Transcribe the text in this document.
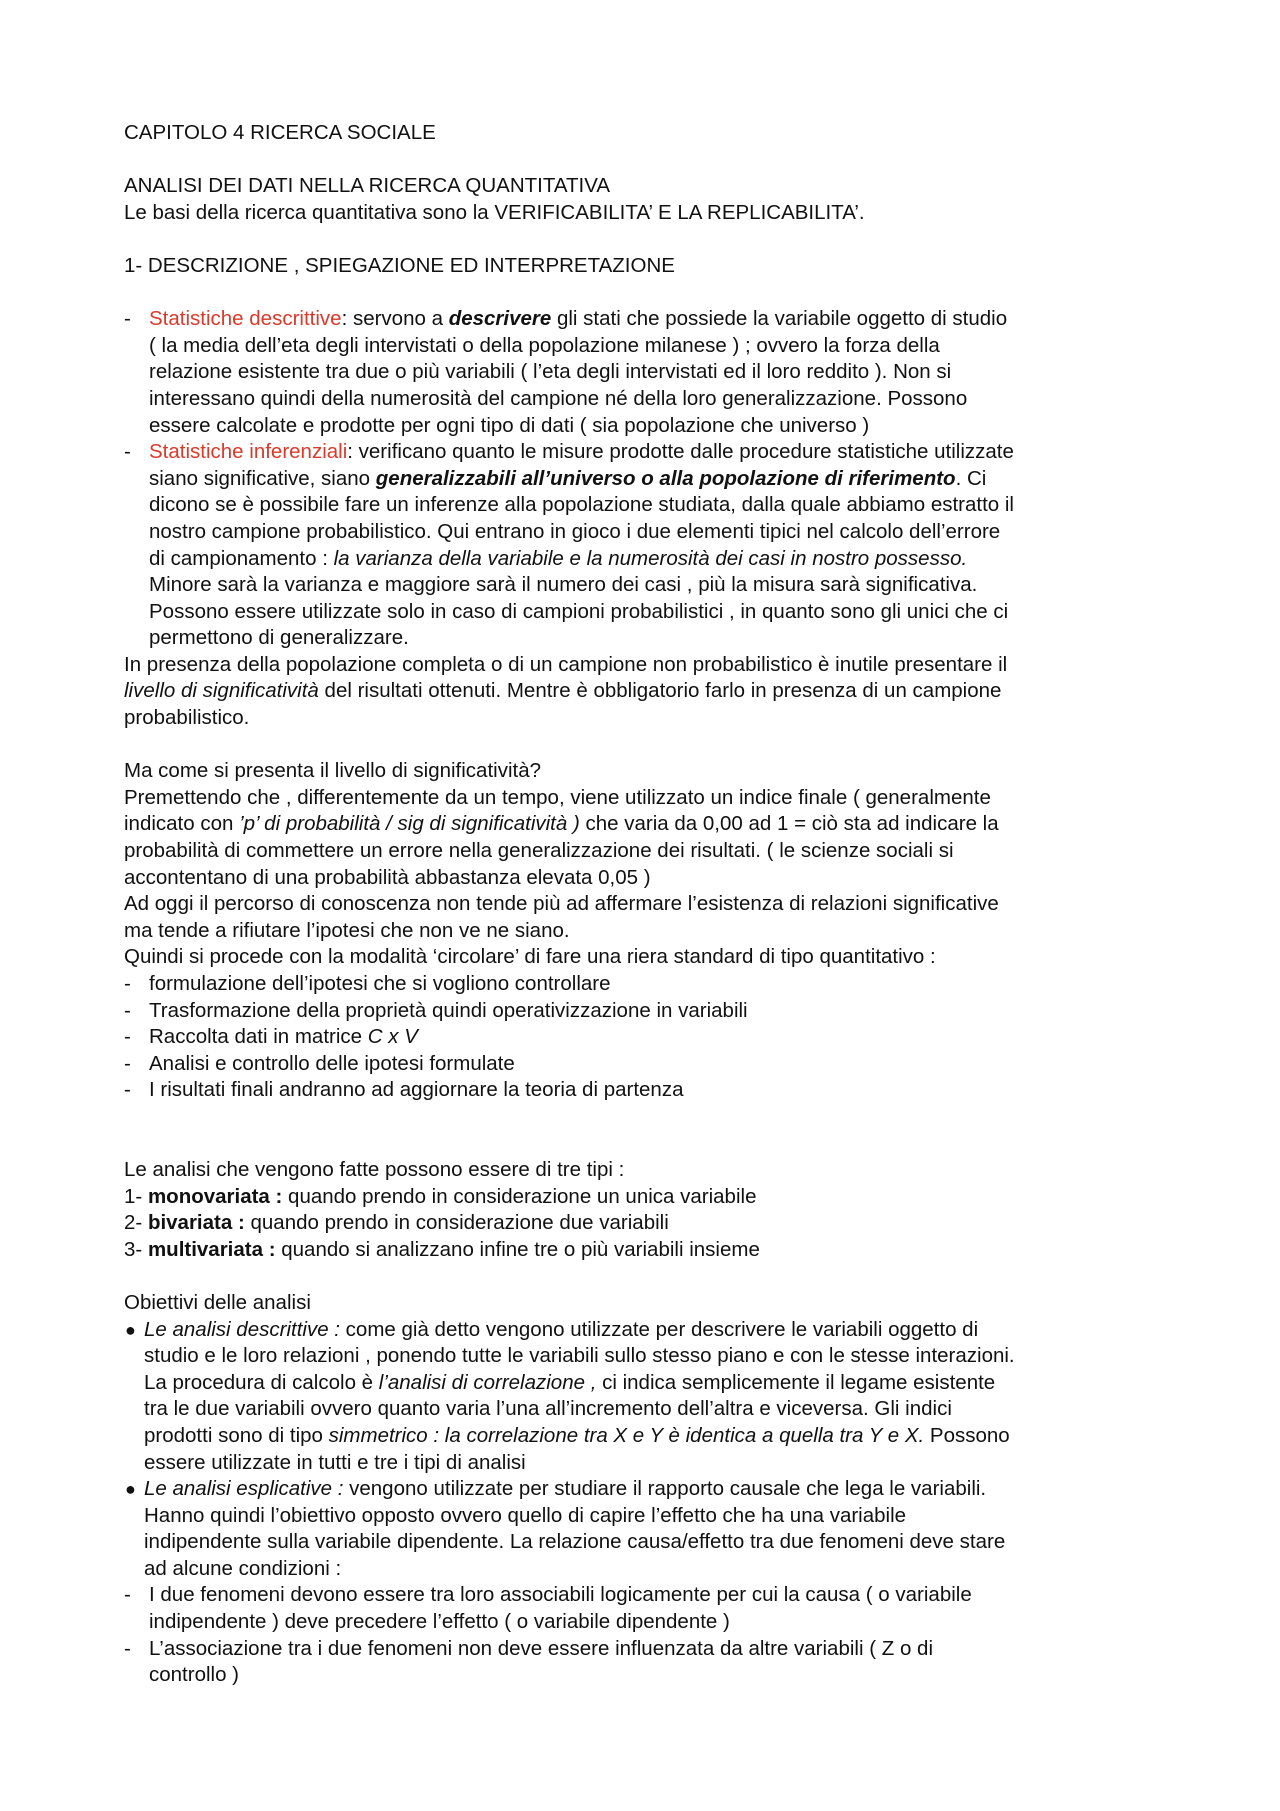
CAPITOLO 4 RICERCA SOCIALE
ANALISI DEI DATI NELLA RICERCA QUANTITATIVA
Le basi della ricerca quantitativa sono la VERIFICABILITA’ E LA REPLICABILITA’.
1- DESCRIZIONE , SPIEGAZIONE ED INTERPRETAZIONE
- Statistiche descrittive: servono a descrivere gli stati che possiede la variabile oggetto di studio
( la media dell’eta degli intervistati o della popolazione milanese ) ; ovvero la forza della
relazione esistente tra due o più variabili ( l’eta degli intervistati ed il loro reddito ). Non si
interessano quindi della numerosità del campione né della loro generalizzazione. Possono
essere calcolate e prodotte per ogni tipo di dati ( sia popolazione che universo )
- Statistiche inferenziali: verificano quanto le misure prodotte dalle procedure statistiche utilizzate
siano significative, siano generalizzabili all’universo o alla popolazione di riferimento. Ci
dicono se è possibile fare un inferenze alla popolazione studiata, dalla quale abbiamo estratto il
nostro campione probabilistico. Qui entrano in gioco i due elementi tipici nel calcolo dell’errore
di campionamento : la varianza della variabile e la numerosità dei casi in nostro possesso.
Minore sarà la varianza e maggiore sarà il numero dei casi , più la misura sarà significativa.
Possono essere utilizzate solo in caso di campioni probabilistici , in quanto sono gli unici che ci
permettono di generalizzare.
In presenza della popolazione completa o di un campione non probabilistico è inutile presentare il
livello di significatività del risultati ottenuti. Mentre è obbligatorio farlo in presenza di un campione
probabilistico.
Ma come si presenta il livello di significatività?
Premettendo che , differentemente da un tempo, viene utilizzato un indice finale ( generalmente
indicato con ’p’ di probabilità / sig di significatività ) che varia da 0,00 ad 1 = ciò sta ad indicare la
probabilità di commettere un errore nella generalizzazione dei risultati. ( le scienze sociali si
accontentano di una probabilità abbastanza elevata 0,05 )
Ad oggi il percorso di conoscenza non tende più ad affermare l’esistenza di relazioni significative
ma tende a rifiutare l’ipotesi che non ve ne siano.
Quindi si procede con la modalità ‘circolare’ di fare una riera standard di tipo quantitativo :
- formulazione dell’ipotesi che si vogliono controllare
- Trasformazione della proprietà quindi operativizzazione in variabili
- Raccolta dati in matrice C x V
- Analisi e controllo delle ipotesi formulate
- I risultati finali andranno ad aggiornare la teoria di partenza
Le analisi che vengono fatte possono essere di tre tipi :
1- monovariata : quando prendo in considerazione un unica variabile
2- bivariata : quando prendo in considerazione due variabili
3- multivariata : quando si analizzano infine tre o più variabili insieme
Obiettivi delle analisi
● Le analisi descrittive : come già detto vengono utilizzate per descrivere le variabili oggetto di
studio e le loro relazioni , ponendo tutte le variabili sullo stesso piano e con le stesse interazioni.
La procedura di calcolo è l’analisi di correlazione , ci indica semplicemente il legame esistente
tra le due variabili ovvero quanto varia l’una all’incremento dell’altra e viceversa. Gli indici
prodotti sono di tipo simmetrico : la correlazione tra X e Y è identica a quella tra Y e X. Possono
essere utilizzate in tutti e tre i tipi di analisi
● Le analisi esplicative : vengono utilizzate per studiare il rapporto causale che lega le variabili.
Hanno quindi l’obiettivo opposto ovvero quello di capire l’effetto che ha una variabile
indipendente sulla variabile dipendente. La relazione causa/effetto tra due fenomeni deve stare
ad alcune condizioni :
- I due fenomeni devono essere tra loro associabili logicamente per cui la causa ( o variabile
indipendente ) deve precedere l’effetto ( o variabile dipendente )
- L’associazione tra i due fenomeni non deve essere influenzata da altre variabili ( Z o di
controllo )
